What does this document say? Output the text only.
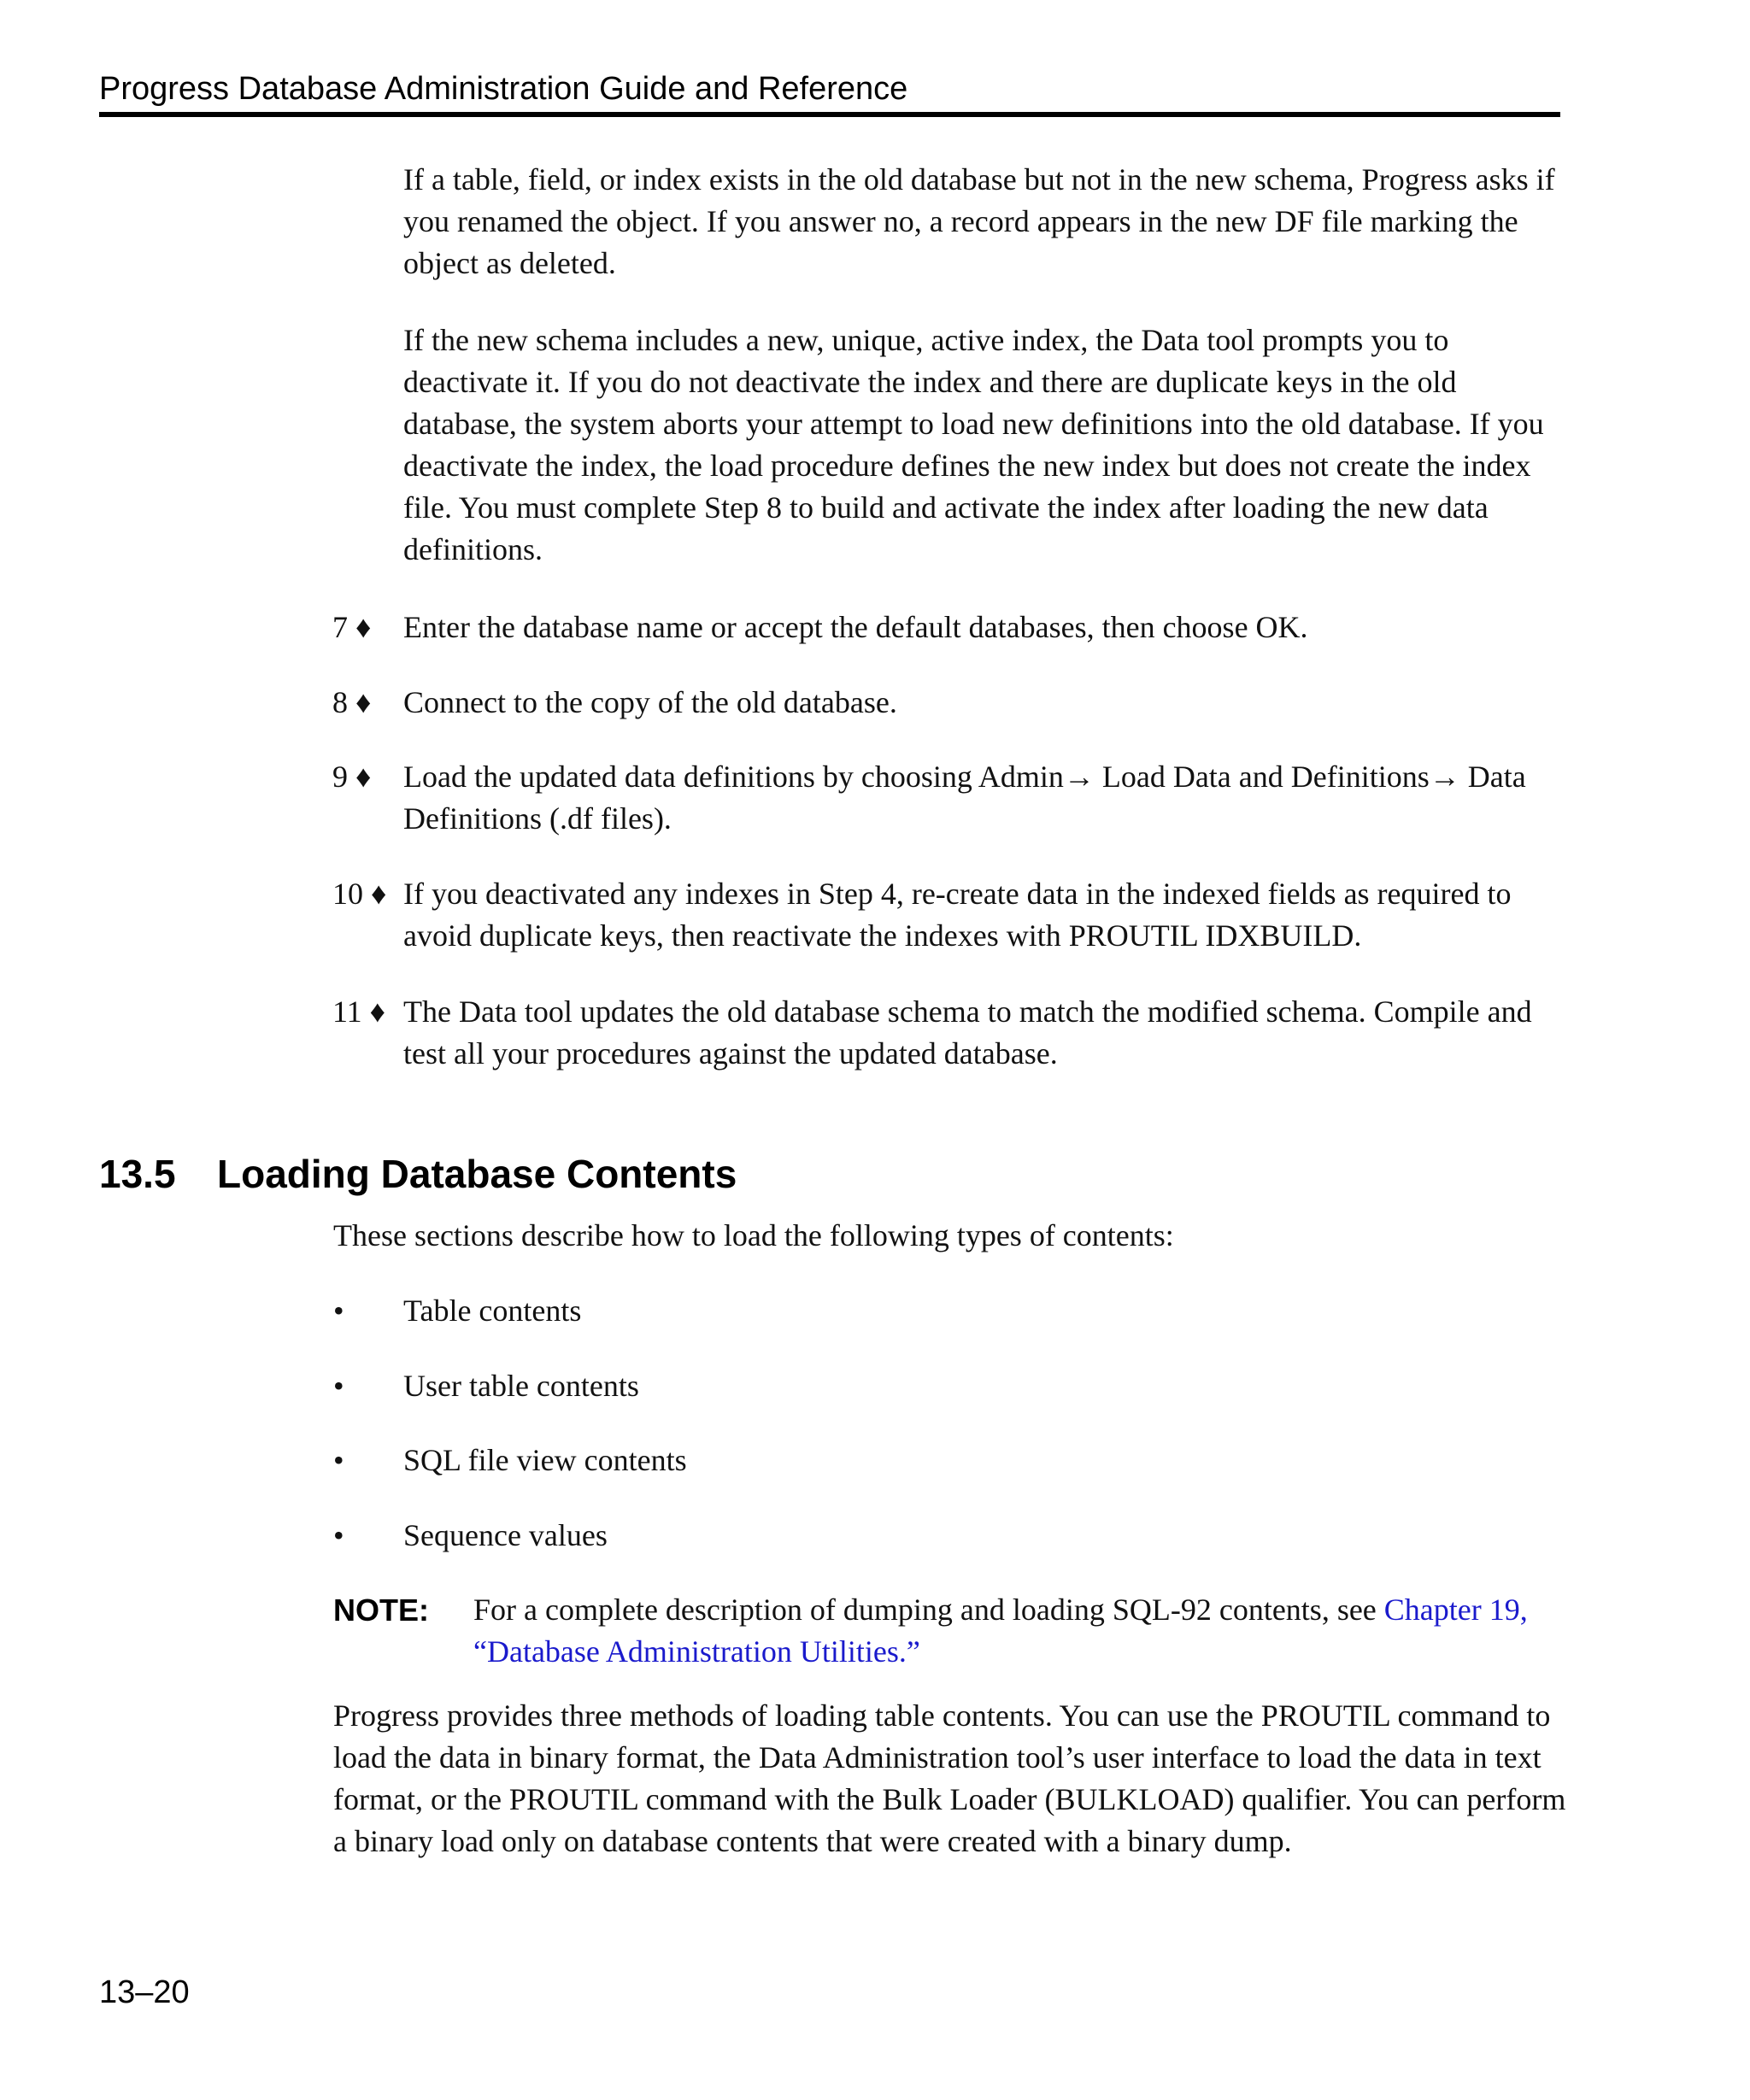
Progress Database Administration Guide and Reference

If a table, field, or index exists in the old database but not in the new schema, Progress asks if you renamed the object. If you answer no, a record appears in the new DF file marking the object as deleted.

If the new schema includes a new, unique, active index, the Data tool prompts you to deactivate it. If you do not deactivate the index and there are duplicate keys in the old database, the system aborts your attempt to load new definitions into the old database. If you deactivate the index, the load procedure defines the new index but does not create the index file. You must complete Step 8 to build and activate the index after loading the new data definitions.

7 ♦	Enter the database name or accept the default databases, then choose OK.

8 ♦	Connect to the copy of the old database.

9 ♦	Load the updated data definitions by choosing Admin→ Load Data and Definitions→ Data Definitions (.df files).

10 ♦ If you deactivated any indexes in Step 4, re-create data in the indexed fields as required to avoid duplicate keys, then reactivate the indexes with PROUTIL IDXBUILD.

11 ♦ The Data tool updates the old database schema to match the modified schema. Compile and test all your procedures against the updated database.

13.5 Loading Database Contents

These sections describe how to load the following types of contents:

• Table contents
• User table contents
• SQL file view contents
• Sequence values
NOTE: For a complete description of dumping and loading SQL-92 contents, see Chapter 19, “Database Administration Utilities.”

Progress provides three methods of loading table contents. You can use the PROUTIL command to load the data in binary format, the Data Administration tool’s user interface to load the data in text format, or the PROUTIL command with the Bulk Loader (BULKLOAD) qualifier. You can perform a binary load only on database contents that were created with a binary dump.

13–20
